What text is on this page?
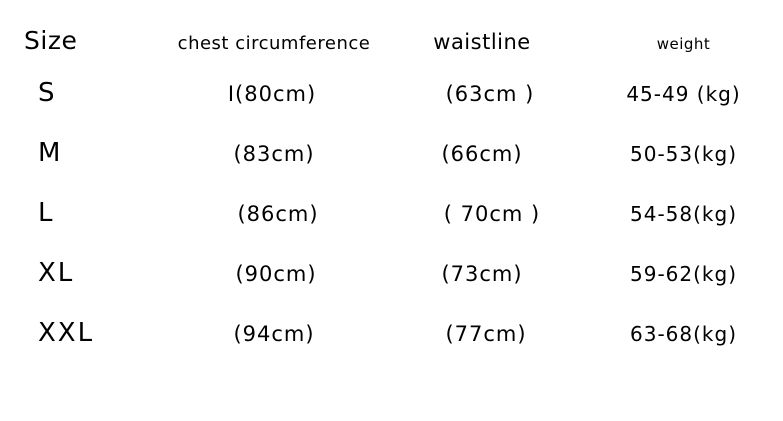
Size	chest circumference	waistline	weight
S	I(80cm)	(63cm )	45-49 (kg)
M	(83cm)	(66cm)	50-53(kg)
L	(86cm)	( 70cm )	54-58(kg)
XL	(90cm)	(73cm)	59-62(kg)
XXL	(94cm)	(77cm)	63-68(kg)
